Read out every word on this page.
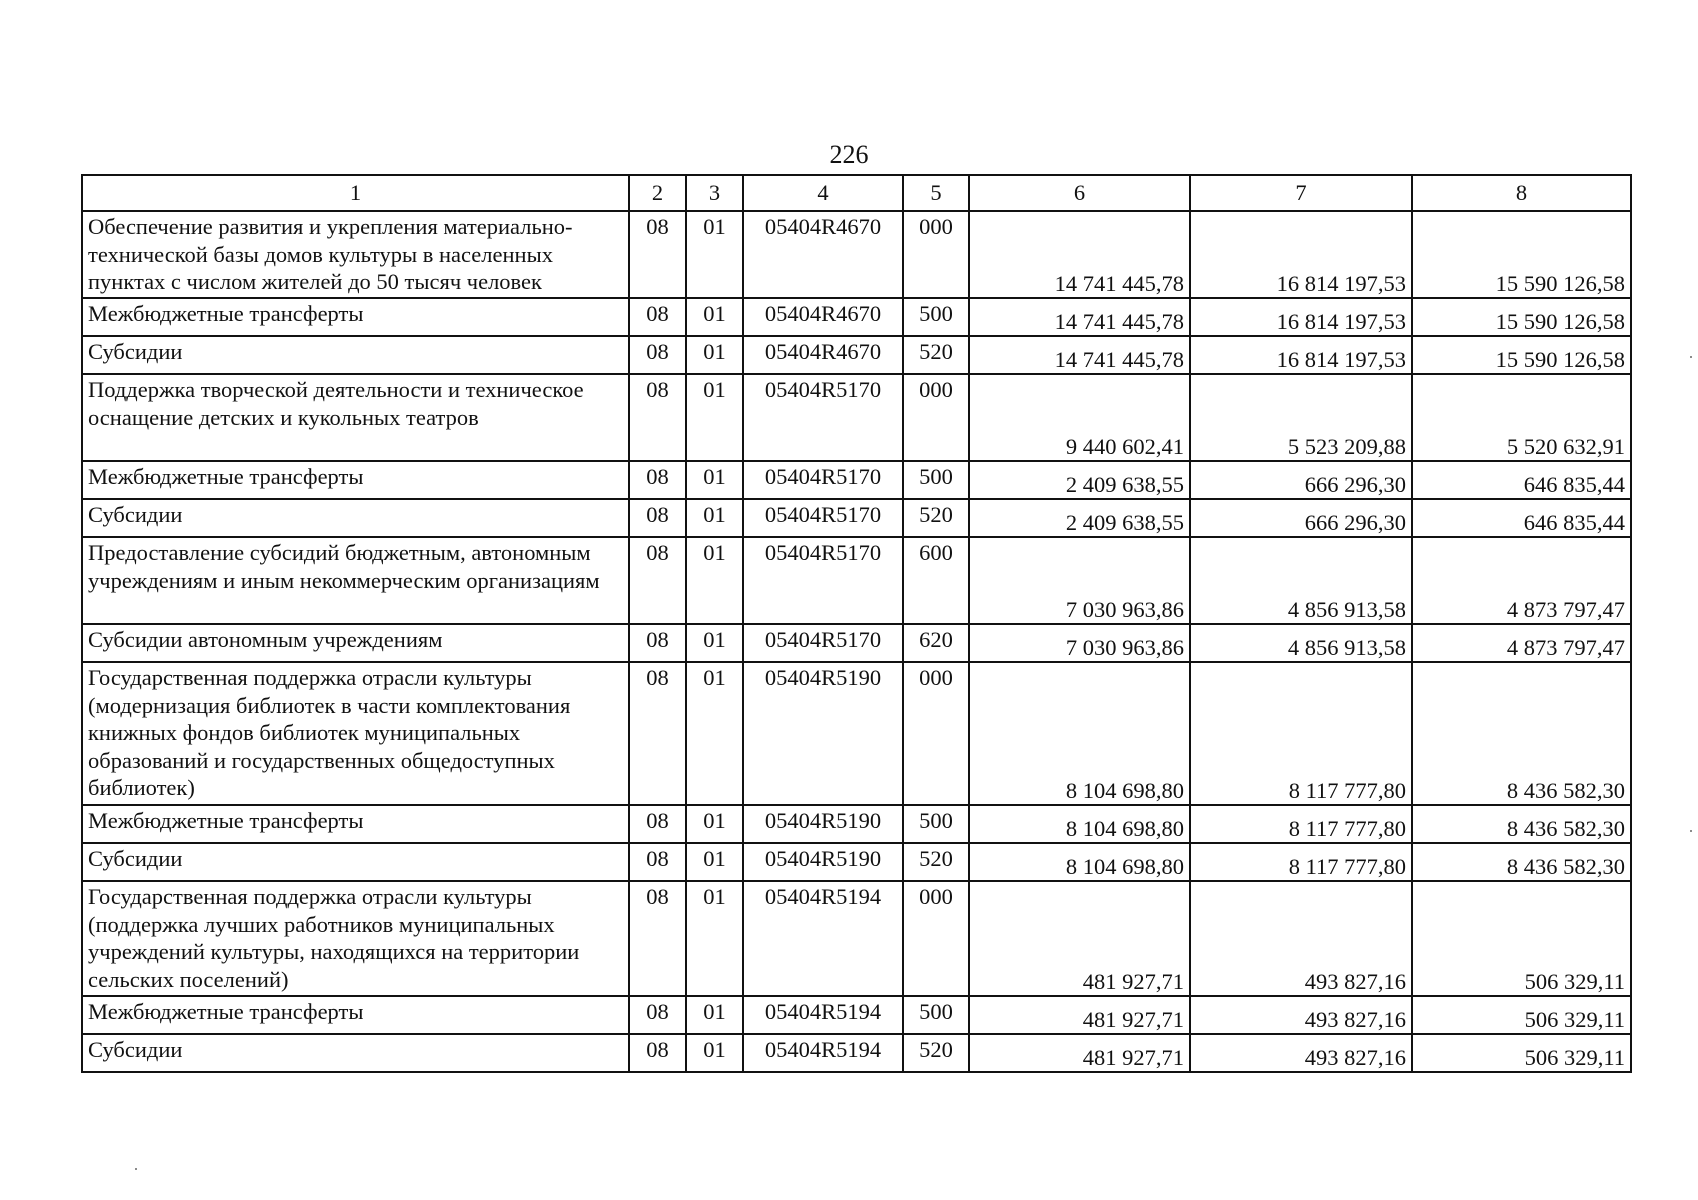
226
1	2	3	4	5	6	7	8
Обеспечение развития и укрепления материально-технической базы домов культуры в населенных пунктах с числом жителей до 50 тысяч человек	08	01	05404R4670	000	14 741 445,78	16 814 197,53	15 590 126,58
Межбюджетные трансферты	08	01	05404R4670	500	14 741 445,78	16 814 197,53	15 590 126,58
Субсидии	08	01	05404R4670	520	14 741 445,78	16 814 197,53	15 590 126,58
Поддержка творческой деятельности и техническое оснащение детских и кукольных театров	08	01	05404R5170	000	9 440 602,41	5 523 209,88	5 520 632,91
Межбюджетные трансферты	08	01	05404R5170	500	2 409 638,55	666 296,30	646 835,44
Субсидии	08	01	05404R5170	520	2 409 638,55	666 296,30	646 835,44
Предоставление субсидий бюджетным, автономным учреждениям и иным некоммерческим организациям	08	01	05404R5170	600	7 030 963,86	4 856 913,58	4 873 797,47
Субсидии автономным учреждениям	08	01	05404R5170	620	7 030 963,86	4 856 913,58	4 873 797,47
Государственная поддержка отрасли культуры (модернизация библиотек в части комплектования книжных фондов библиотек муниципальных образований и государственных общедоступных библиотек)	08	01	05404R5190	000	8 104 698,80	8 117 777,80	8 436 582,30
Межбюджетные трансферты	08	01	05404R5190	500	8 104 698,80	8 117 777,80	8 436 582,30
Субсидии	08	01	05404R5190	520	8 104 698,80	8 117 777,80	8 436 582,30
Государственная поддержка отрасли культуры (поддержка лучших работников муниципальных учреждений культуры, находящихся на территории сельских поселений)	08	01	05404R5194	000	481 927,71	493 827,16	506 329,11
Межбюджетные трансферты	08	01	05404R5194	500	481 927,71	493 827,16	506 329,11
Субсидии	08	01	05404R5194	520	481 927,71	493 827,16	506 329,11
